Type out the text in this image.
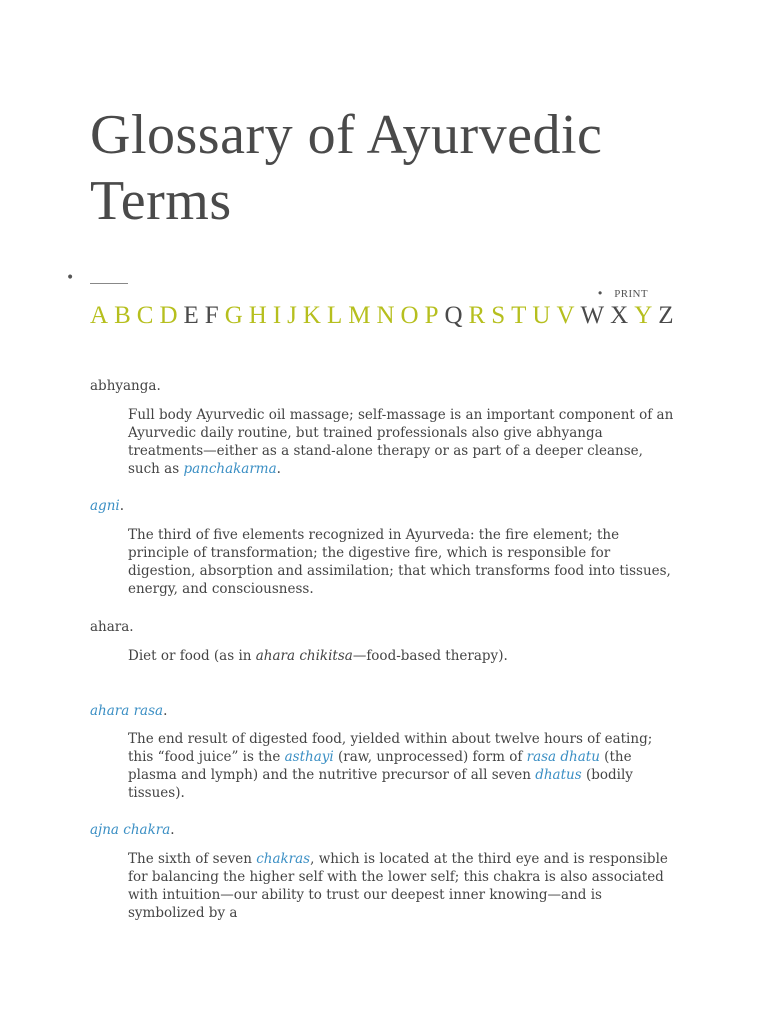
Glossary of Ayurvedic
Terms
•
• PRINT
A B C D E F G H I J K L M N O P Q R S T U V W X Y Z
abhyanga.

Full body Ayurvedic oil massage; self-massage is an important component of an Ayurvedic daily routine, but trained professionals also give abhyanga treatments—either as a stand-alone therapy or as part of a deeper cleanse, such as panchakarma.

agni.

The third of five elements recognized in Ayurveda: the fire element; the principle of transformation; the digestive fire, which is responsible for digestion, absorption and assimilation; that which transforms food into tissues, energy, and consciousness.

ahara.

Diet or food (as in ahara chikitsa—food-based therapy).

ahara rasa.

The end result of digested food, yielded within about twelve hours of eating; this “food juice” is the asthayi (raw, unprocessed) form of rasa dhatu (the plasma and lymph) and the nutritive precursor of all seven dhatus (bodily tissues).

ajna chakra.

The sixth of seven chakras, which is located at the third eye and is responsible for balancing the higher self with the lower self; this chakra is also associated with intuition—our ability to trust our deepest inner knowing—and is symbolized by a
